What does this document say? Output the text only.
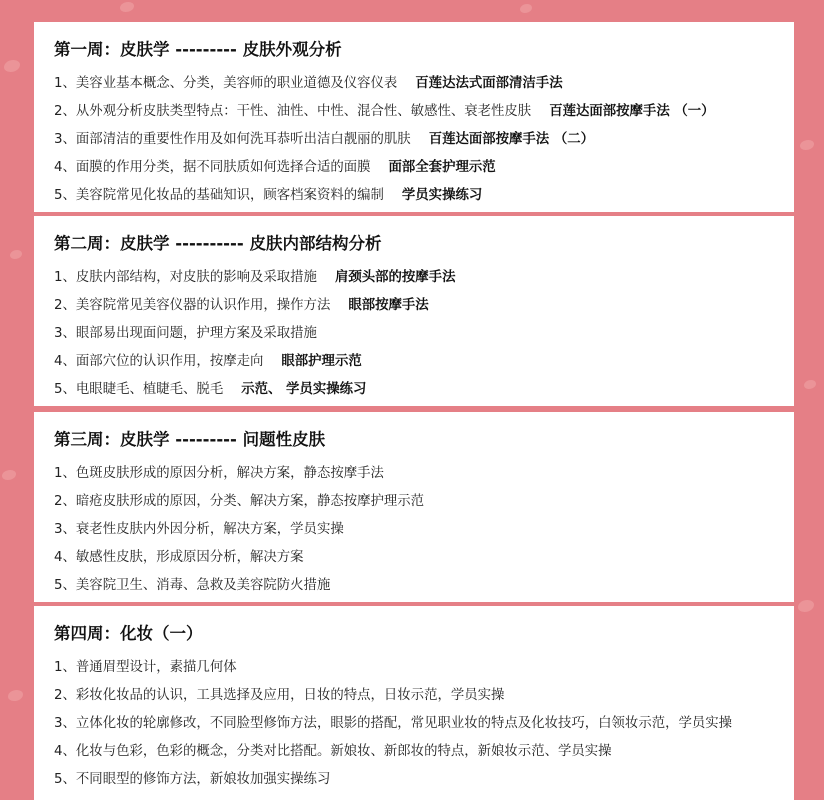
第一周：皮肤学 --------- 皮肤外观分析
1、美容业基本概念、分类，美容师的职业道德及仪容仪表 百莲达法式面部清洁手法
2、从外观分析皮肤类型特点：干性、油性、中性、混合性、敏感性、衰老性皮肤 百莲达面部按摩手法 （一）
3、面部清洁的重要性作用及如何洗耳恭听出洁白靓丽的肌肤 百莲达面部按摩手法 （二）
4、面膜的作用分类，据不同肤质如何选择合适的面膜 面部全套护理示范
5、美容院常见化妆品的基础知识，顾客档案资料的编制 学员实操练习
第二周：皮肤学 ---------- 皮肤内部结构分析
1、皮肤内部结构，对皮肤的影响及采取措施 肩颈头部的按摩手法
2、美容院常见美容仪器的认识作用，操作方法 眼部按摩手法
3、眼部易出现面问题，护理方案及采取措施
4、面部穴位的认识作用，按摩走向 眼部护理示范
5、电眼睫毛、植睫毛、脱毛 示范、 学员实操练习
第三周：皮肤学 --------- 问题性皮肤
1、色斑皮肤形成的原因分析，解决方案，静态按摩手法
2、暗疮皮肤形成的原因，分类、解决方案，静态按摩护理示范
3、衰老性皮肤内外因分析，解决方案，学员实操
4、敏感性皮肤，形成原因分析，解决方案
5、美容院卫生、消毒、急救及美容院防火措施
第四周：化妆（一）
1、普通眉型设计，素描几何体
2、彩妆化妆品的认识，工具选择及应用，日妆的特点，日妆示范，学员实操
3、立体化妆的轮廓修改，不同脸型修饰方法，眼影的搭配，常见职业妆的特点及化妆技巧，白领妆示范，学员实操
4、化妆与色彩，色彩的概念，分类对比搭配。新娘妆、新郎妆的特点，新娘妆示范、学员实操
5、不同眼型的修饰方法，新娘妆加强实操练习
